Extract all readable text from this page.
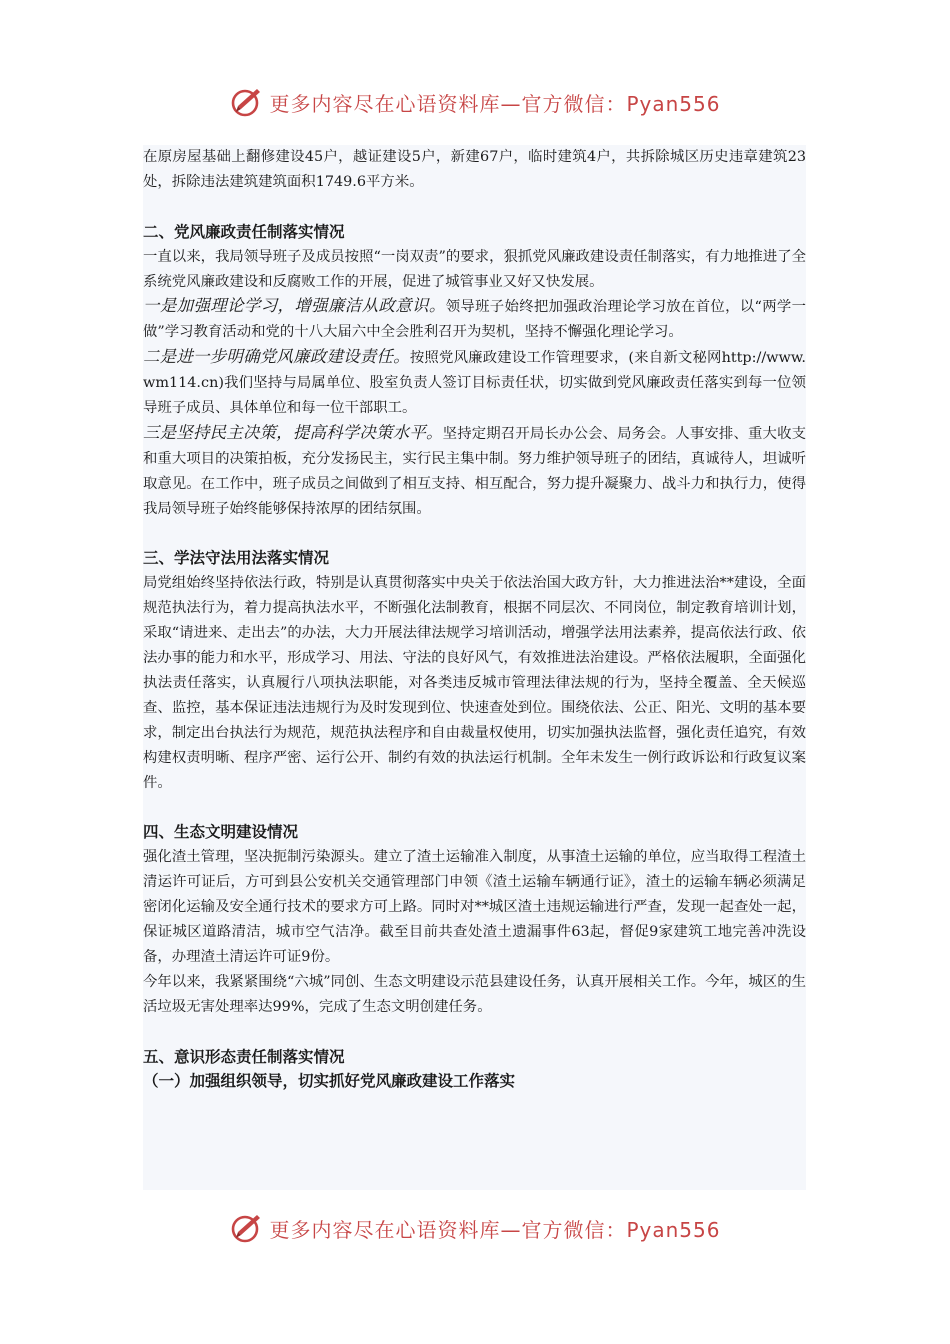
更多内容尽在心语资料库—官方微信：Pyan556

在原房屋基础上翻修建设45户，越证建设5户，新建67户，临时建筑4户，共拆除城区历史违章建筑23处，拆除违法建筑建筑面积1749.6平方米。

二、党风廉政责任制落实情况

一直以来，我局领导班子及成员按照“一岗双责”的要求，狠抓党风廉政建设责任制落实，有力地推进了全系统党风廉政建设和反腐败工作的开展，促进了城管事业又好又快发展。

一是加强理论学习，增强廉洁从政意识。领导班子始终把加强政治理论学习放在首位，以“两学一做”学习教育活动和党的十八大届六中全会胜利召开为契机，坚持不懈强化理论学习。

二是进一步明确党风廉政建设责任。按照党风廉政建设工作管理要求，(来自新文秘网http://www.wm114.cn)我们坚持与局属单位、股室负责人签订目标责任状，切实做到党风廉政责任落实到每一位领导班子成员、具体单位和每一位干部职工。

三是坚持民主决策，提高科学决策水平。坚持定期召开局长办公会、局务会。人事安排、重大收支和重大项目的决策拍板，充分发扬民主，实行民主集中制。努力维护领导班子的团结，真诚待人，坦诚听取意见。在工作中，班子成员之间做到了相互支持、相互配合，努力提升凝聚力、战斗力和执行力，使得我局领导班子始终能够保持浓厚的团结氛围。

三、学法守法用法落实情况

局党组始终坚持依法行政，特别是认真贯彻落实中央关于依法治国大政方针，大力推进法治**建设，全面规范执法行为，着力提高执法水平，不断强化法制教育，根据不同层次、不同岗位，制定教育培训计划，采取“请进来、走出去”的办法，大力开展法律法规学习培训活动，增强学法用法素养，提高依法行政、依法办事的能力和水平，形成学习、用法、守法的良好风气，有效推进法治建设。严格依法履职，全面强化执法责任落实，认真履行八项执法职能，对各类违反城市管理法律法规的行为，坚持全覆盖、全天候巡查、监控，基本保证违法违规行为及时发现到位、快速查处到位。围绕依法、公正、阳光、文明的基本要求，制定出台执法行为规范，规范执法程序和自由裁量权使用，切实加强执法监督，强化责任追究，有效构建权责明晰、程序严密、运行公开、制约有效的执法运行机制。全年未发生一例行政诉讼和行政复议案件。

四、生态文明建设情况

强化渣土管理，坚决扼制污染源头。建立了渣土运输准入制度，从事渣土运输的单位，应当取得工程渣土清运许可证后，方可到县公安机关交通管理部门申领《渣土运输车辆通行证》，渣土的运输车辆必须满足密闭化运输及安全通行技术的要求方可上路。同时对**城区渣土违规运输进行严查，发现一起查处一起，保证城区道路清洁，城市空气洁净。截至目前共查处渣土遗漏事件63起，督促9家建筑工地完善冲洗设备，办理渣土清运许可证9份。

今年以来，我紧紧围绕“六城”同创、生态文明建设示范县建设任务，认真开展相关工作。今年，城区的生活垃圾无害处理率达99%，完成了生态文明创建任务。

五、意识形态责任制落实情况

（一）加强组织领导，切实抓好党风廉政建设工作落实

更多内容尽在心语资料库—官方微信：Pyan556
